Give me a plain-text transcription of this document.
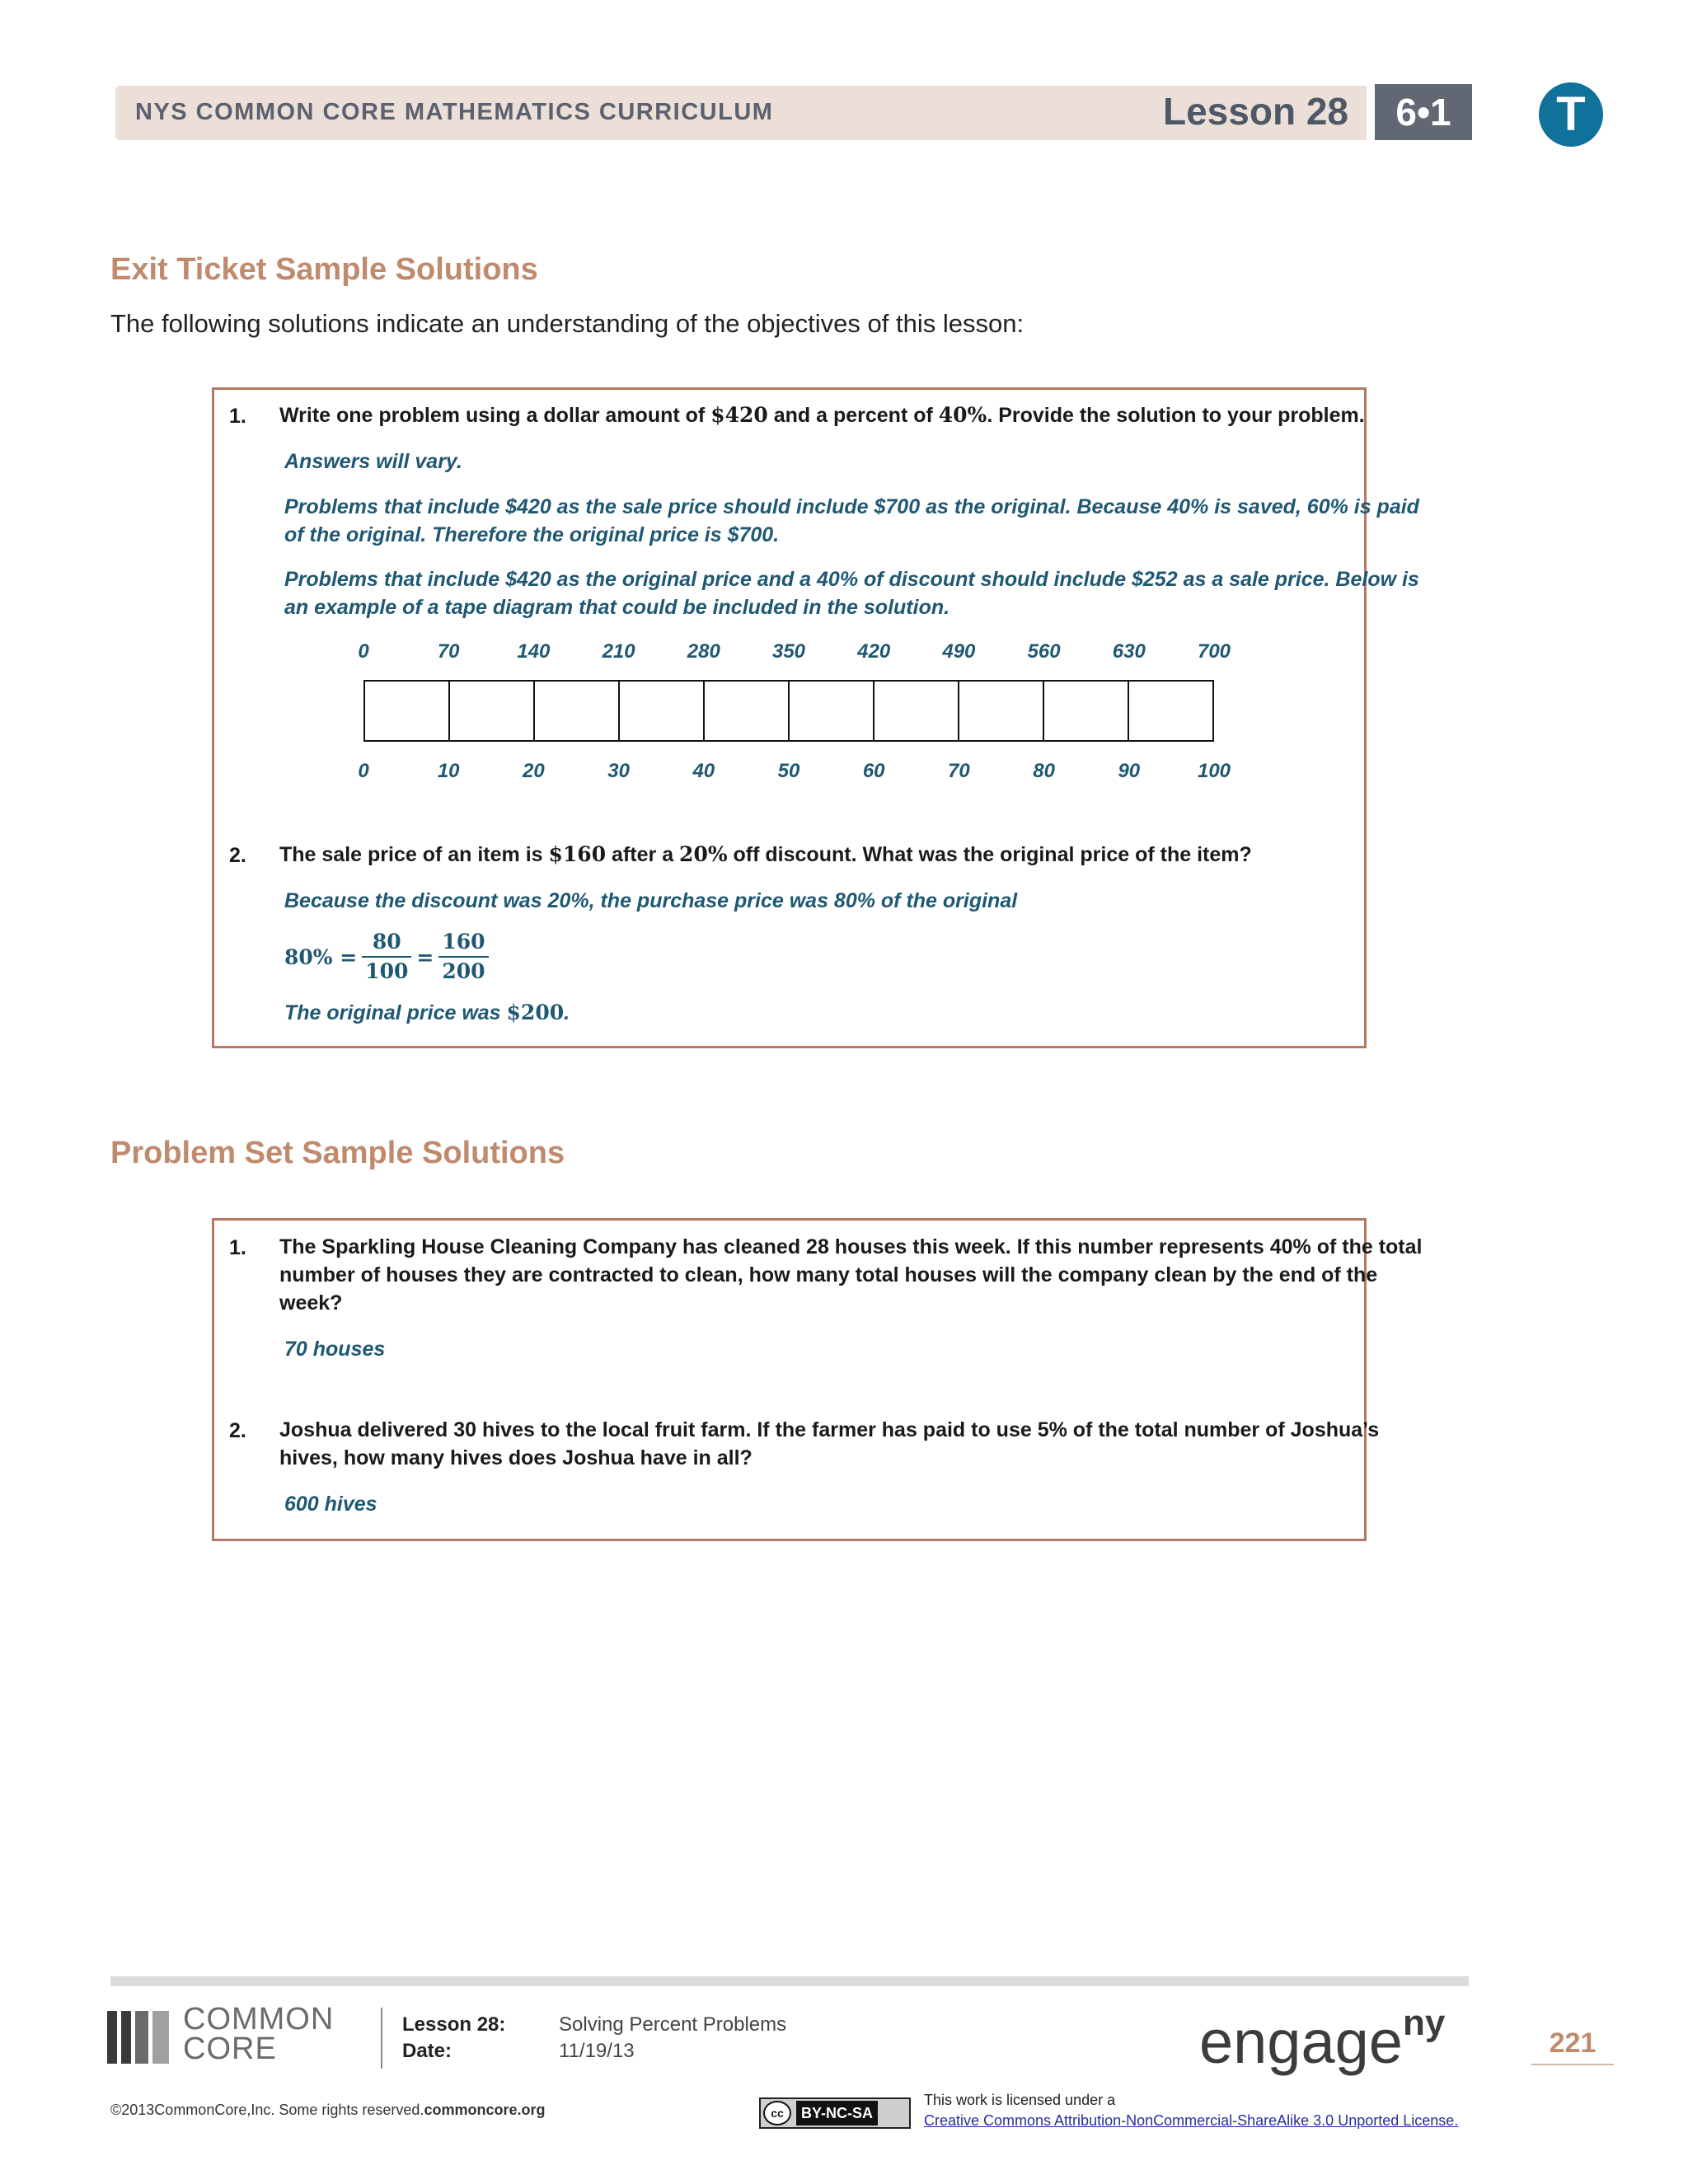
NYS COMMON CORE MATHEMATICS CURRICULUM	Lesson 28	6•1	T
Exit Ticket Sample Solutions
The following solutions indicate an understanding of the objectives of this lesson:
1. Write one problem using a dollar amount of $420 and a percent of 40%. Provide the solution to your problem.
Answers will vary.
Problems that include $420 as the sale price should include $700 as the original. Because 40% is saved, 60% is paid
of the original. Therefore the original price is $700.
Problems that include $420 as the original price and a 40% of discount should include $252 as a sale price. Below is
an example of a tape diagram that could be included in the solution.
0	70	140	210	280	350	420	490	560	630	700
0	10	20	30	40	50	60	70	80	90	100
2. The sale price of an item is $160 after a 20% off discount. What was the original price of the item?
Because the discount was 20%, the purchase price was 80% of the original
$80\% = \frac{80}{100} = \frac{160}{200}$
The original price was $200.
Problem Set Sample Solutions
1. The Sparkling House Cleaning Company has cleaned 28 houses this week. If this number represents 40% of the total
number of houses they are contracted to clean, how many total houses will the company clean by the end of the
week?
70 houses
2. Joshua delivered 30 hives to the local fruit farm. If the farmer has paid to use 5% of the total number of Joshua’s
hives, how many hives does Joshua have in all?
600 hives
COMMON
CORE
Lesson 28:	Solving Percent Problems
Date:	11/19/13	engage$^{ny}$	221
©2013CommonCore,Inc. Some rights reserved.commoncore.org	cc	BY-NC-SA
This work is licensed under a
Creative Commons Attribution-NonCommercial-ShareAlike 3.0 Unported License.
